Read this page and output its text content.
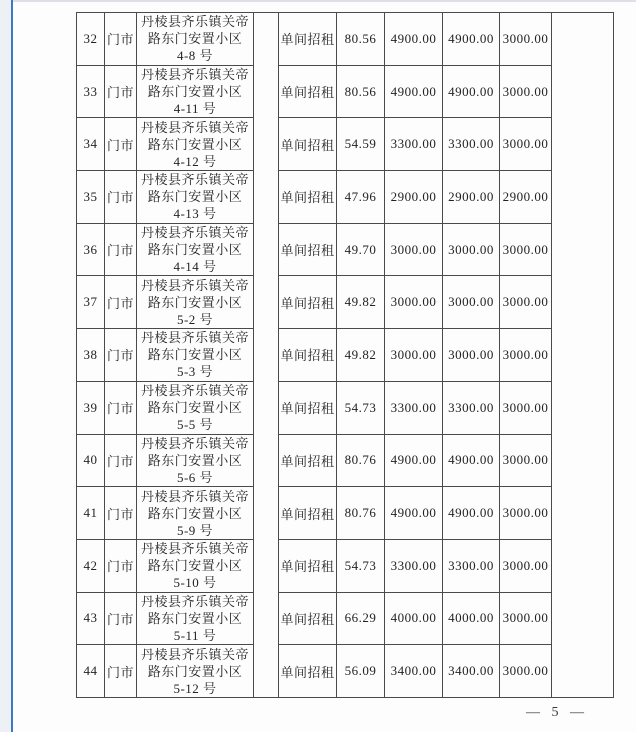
32	门市	丹棱县齐乐镇关帝
路东门安置小区
4-8 号		单间招租	80.56	4900.00	4900.00	3000.00	
33	门市	丹棱县齐乐镇关帝
路东门安置小区
4-11 号		单间招租	80.56	4900.00	4900.00	3000.00	
34	门市	丹棱县齐乐镇关帝
路东门安置小区
4-12 号		单间招租	54.59	3300.00	3300.00	3000.00	
35	门市	丹棱县齐乐镇关帝
路东门安置小区
4-13 号		单间招租	47.96	2900.00	2900.00	2900.00	
36	门市	丹棱县齐乐镇关帝
路东门安置小区
4-14 号		单间招租	49.70	3000.00	3000.00	3000.00	
37	门市	丹棱县齐乐镇关帝
路东门安置小区
5-2 号		单间招租	49.82	3000.00	3000.00	3000.00	
38	门市	丹棱县齐乐镇关帝
路东门安置小区
5-3 号		单间招租	49.82	3000.00	3000.00	3000.00	
39	门市	丹棱县齐乐镇关帝
路东门安置小区
5-5 号		单间招租	54.73	3300.00	3300.00	3000.00	
40	门市	丹棱县齐乐镇关帝
路东门安置小区
5-6 号		单间招租	80.76	4900.00	4900.00	3000.00	
41	门市	丹棱县齐乐镇关帝
路东门安置小区
5-9 号		单间招租	80.76	4900.00	4900.00	3000.00	
42	门市	丹棱县齐乐镇关帝
路东门安置小区
5-10 号		单间招租	54.73	3300.00	3300.00	3000.00	
43	门市	丹棱县齐乐镇关帝
路东门安置小区
5-11 号		单间招租	66.29	4000.00	4000.00	3000.00	
44	门市	丹棱县齐乐镇关帝
路东门安置小区
5-12 号		单间招租	56.09	3400.00	3400.00	3000.00	
— 5 —
